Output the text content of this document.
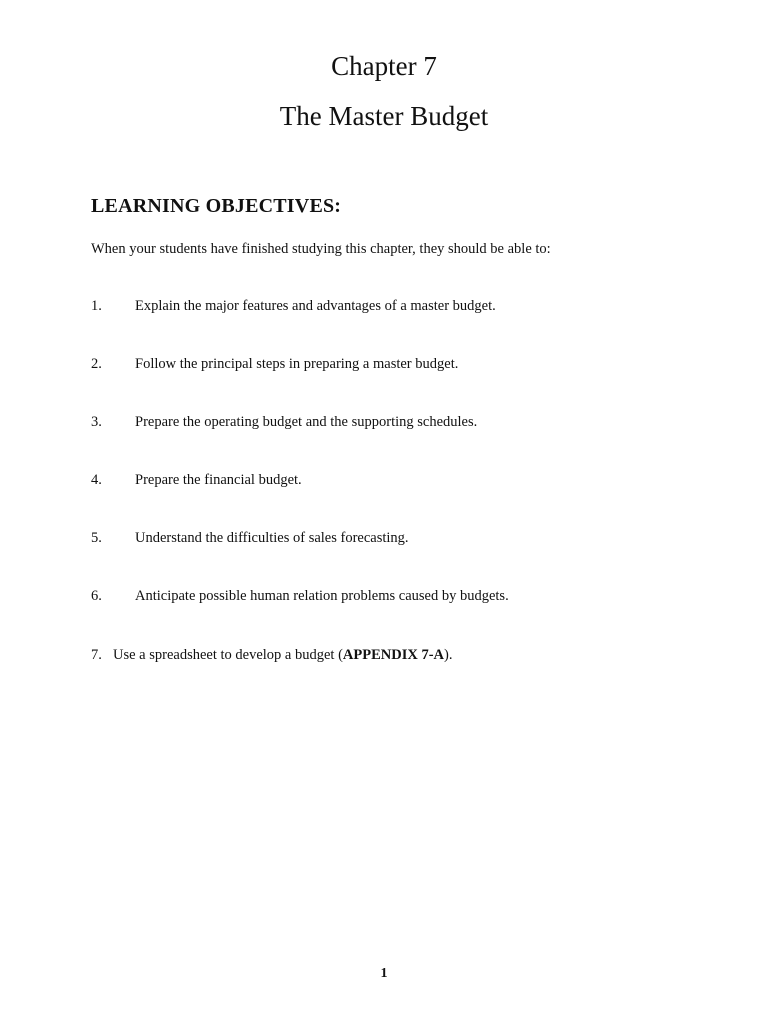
Chapter 7
The Master Budget
LEARNING OBJECTIVES:

When your students have finished studying this chapter, they should be able to:

1. Explain the major features and advantages of a master budget.
2. Follow the principal steps in preparing a master budget.
3. Prepare the operating budget and the supporting schedules.
4. Prepare the financial budget.
5. Understand the difficulties of sales forecasting.
6. Anticipate possible human relation problems caused by budgets.
7. Use a spreadsheet to develop a budget (APPENDIX 7-A).
1
